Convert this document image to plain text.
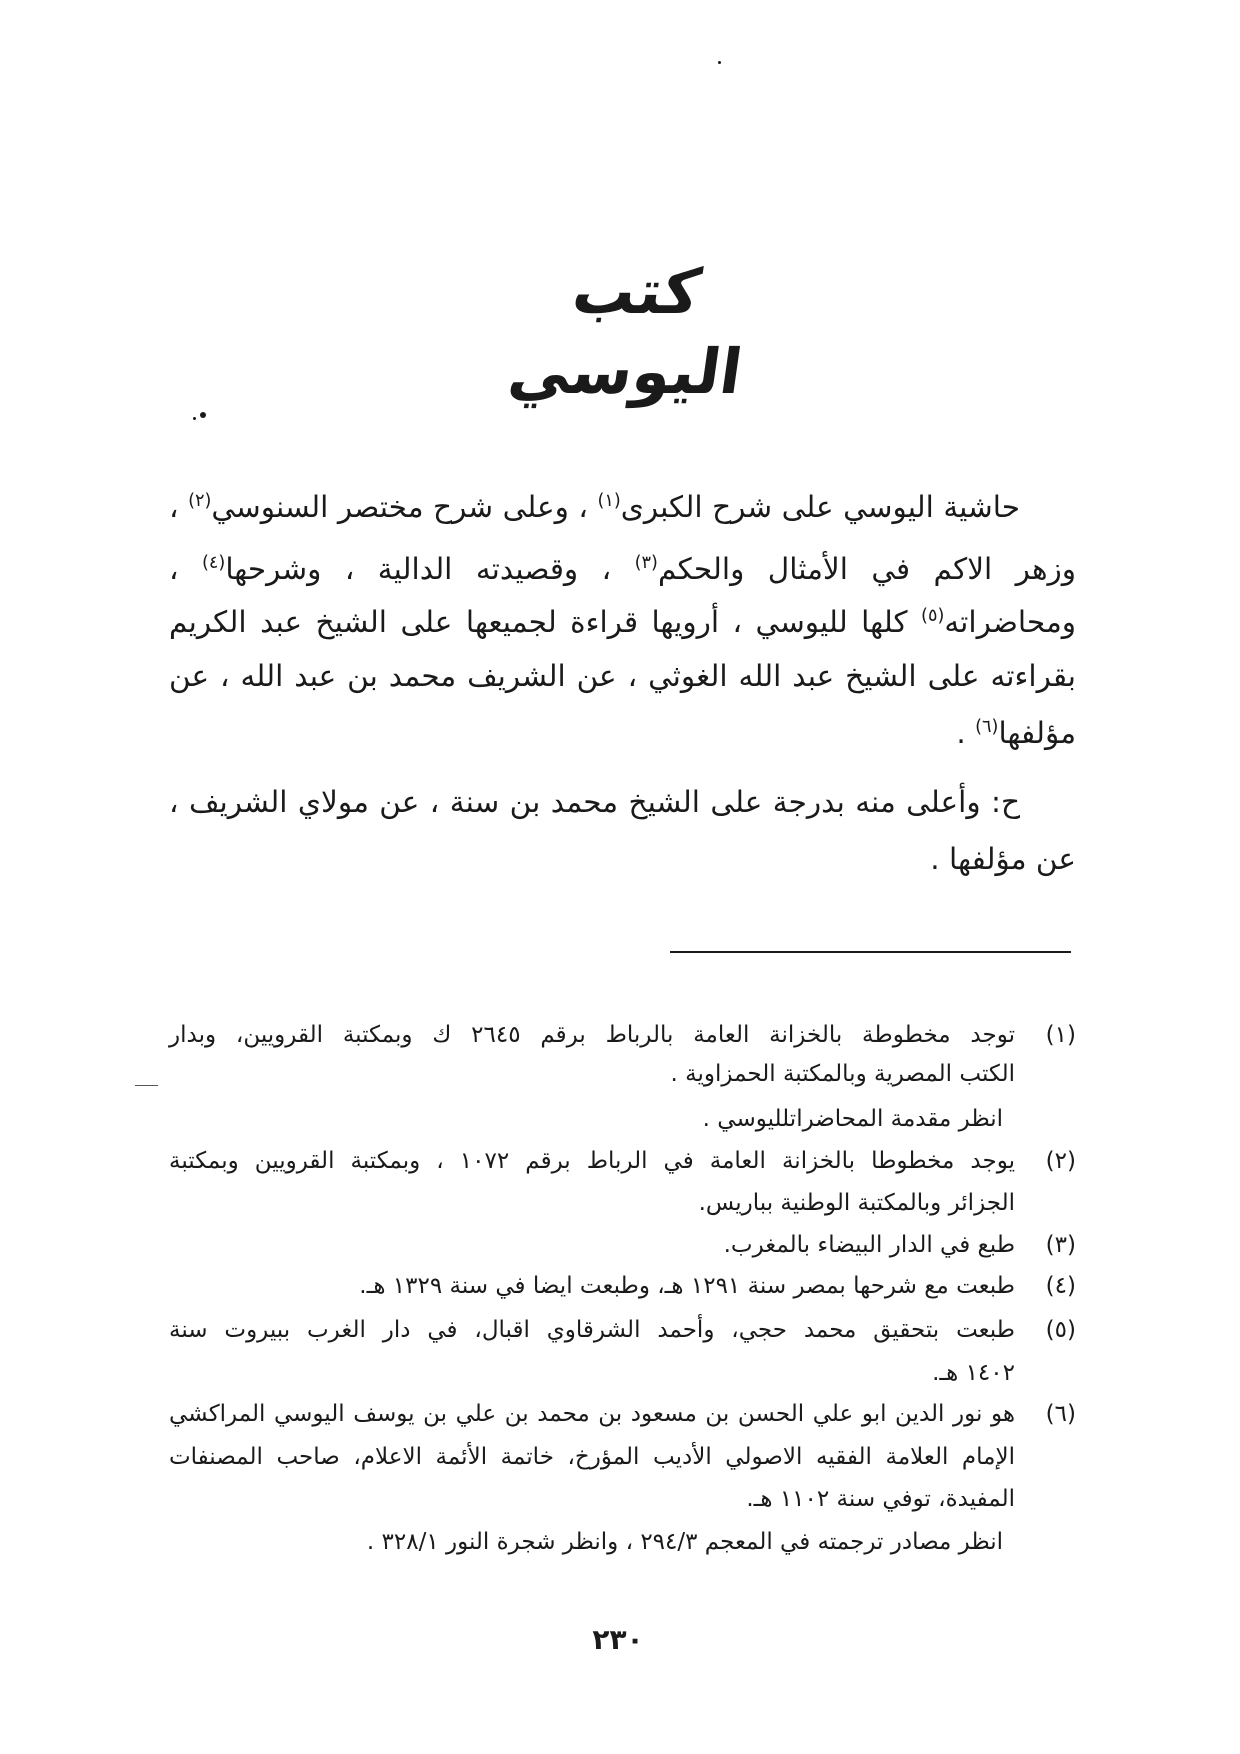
كتب اليوسي
حاشية اليوسي على شرح الكبرى$^{(١)}$ ، وعلى شرح مختصر السنوسي$^{(٢)}$ ،
وزهر الاكم في الأمثال والحكم$^{(٣)}$ ، وقصيدته الدالية ، وشرحها$^{(٤)}$ ،
ومحاضراته$^{(٥)}$ كلها لليوسي ، أرويها قراءة لجميعها على الشيخ عبد الكريم
بقراءته على الشيخ عبد الله الغوثي ، عن الشريف محمد بن عبد الله ، عن
مؤلفها$^{(٦)}$ .
ح: وأعلى منه بدرجة على الشيخ محمد بن سنة ، عن مولاي الشريف ،
عن مؤلفها .
(١)
توجد مخطوطة بالخزانة العامة بالرباط برقم ٢٦٤٥ ك وبمكتبة القرويين، وبدار
الكتب المصرية وبالمكتبة الحمزاوية .
انظر مقدمة المحاضراتلليوسي .
(٢)
يوجد مخطوطا بالخزانة العامة في الرباط برقم ١٠٧٢ ، وبمكتبة القرويين وبمكتبة
الجزائر وبالمكتبة الوطنية بباريس.
(٣)
طبع في الدار البيضاء بالمغرب.
(٤)
طبعت مع شرحها بمصر سنة ١٢٩١ هـ، وطبعت ايضا في سنة ١٣٢٩ هـ.
(٥)
طبعت بتحقيق محمد حجي، وأحمد الشرقاوي اقبال، في دار الغرب ببيروت سنة
١٤٠٢ هـ.
(٦)
هو نور الدين ابو علي الحسن بن مسعود بن محمد بن علي بن يوسف اليوسي المراكشي
الإمام العلامة الفقيه الاصولي الأديب المؤرخ، خاتمة الأئمة الاعلام، صاحب المصنفات
المفيدة، توفي سنة ١١٠٢ هـ.
انظر مصادر ترجمته في المعجم ٢٩٤/٣ ، وانظر شجرة النور ٣٢٨/١ .
٢٣٠
